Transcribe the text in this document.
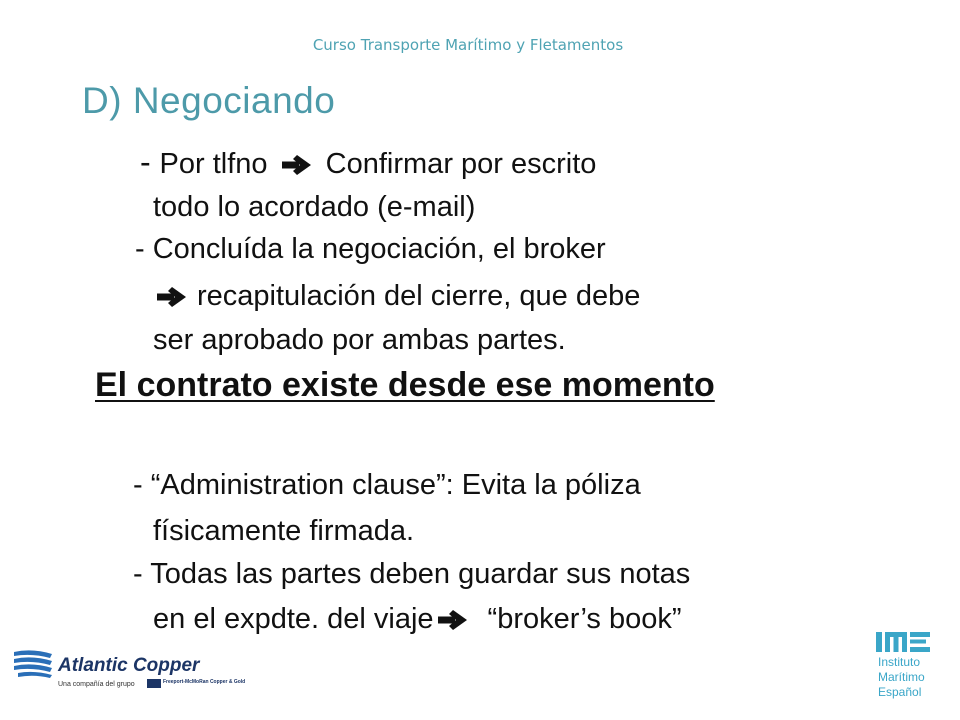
Curso Transporte Marítimo y Fletamentos
D) Negociando
- Por tlfno Confirmar por escrito
todo lo acordado (e-mail)
- Concluída la negociación, el broker
recapitulación del cierre, que debe
ser aprobado por ambas partes.
El contrato existe desde ese momento
- “Administration clause”: Evita la póliza
físicamente firmada.
- Todas las partes deben guardar sus notas
en el expdte. del viaje “broker’s book”
Atlantic Copper
Una compañía del grupo	Freeport-McMoRan Copper & Gold
Instituto
Marítimo
Español
